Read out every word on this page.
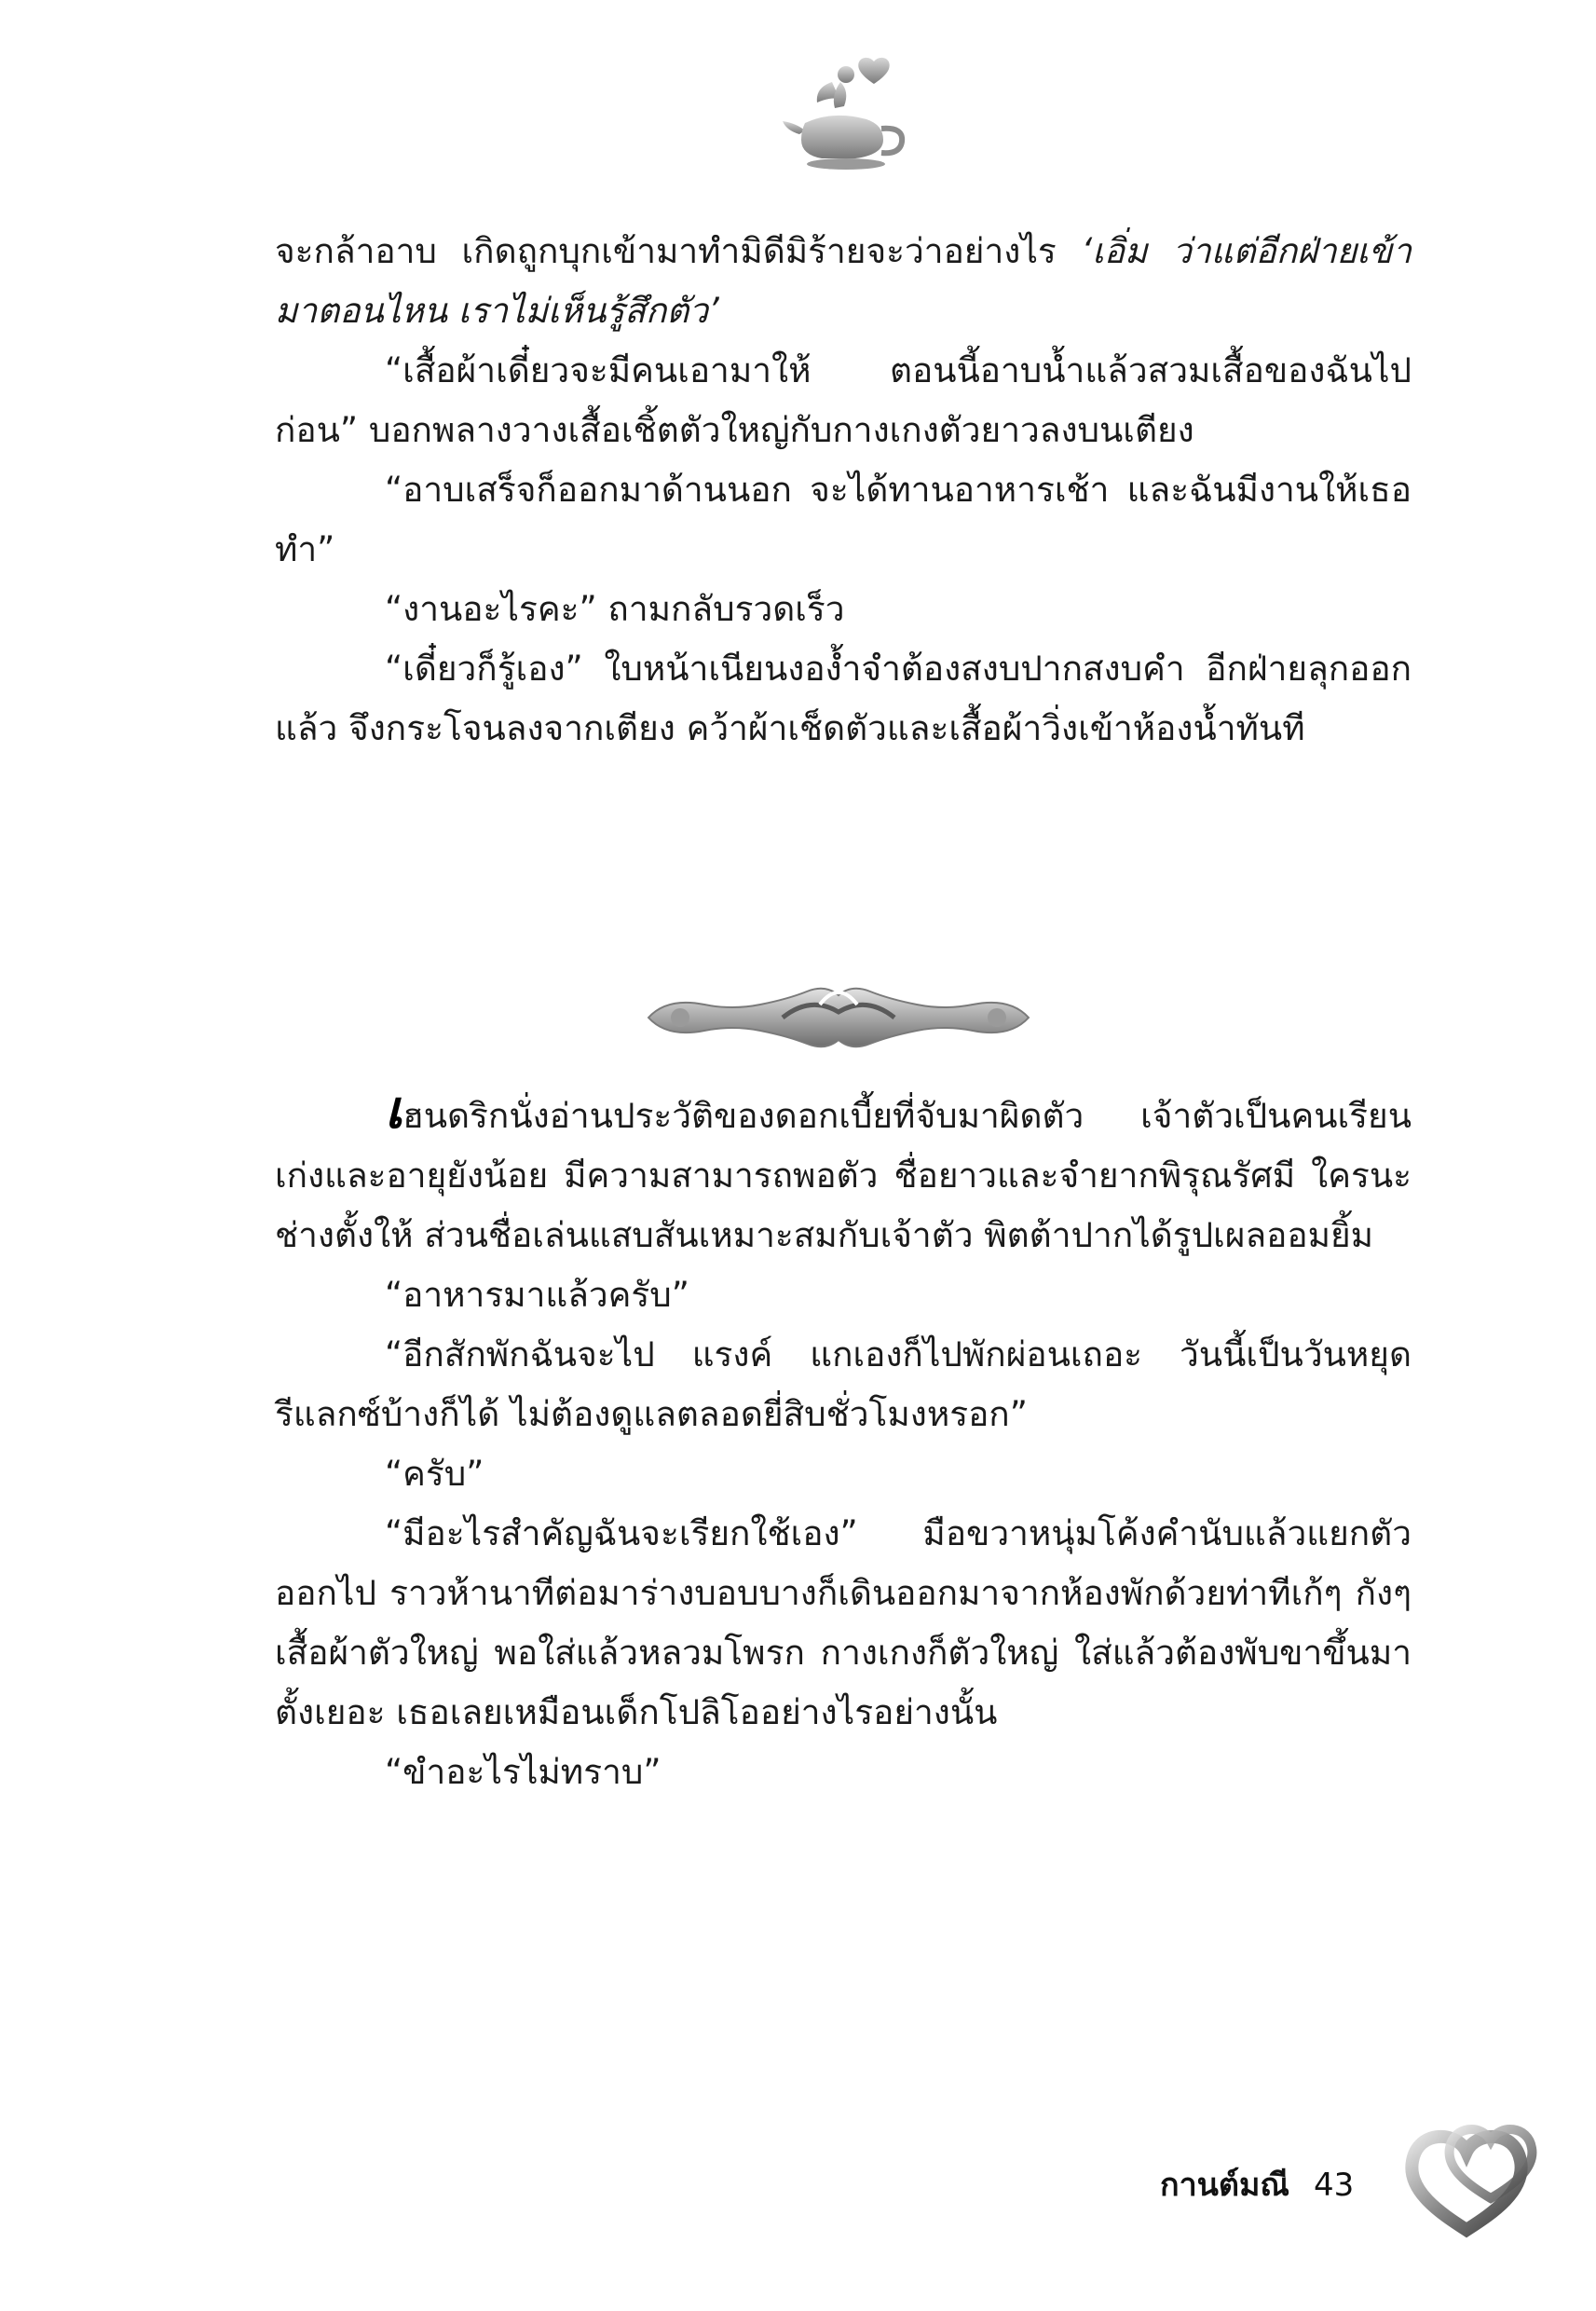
จะกล้าอาบ เกิดถูกบุกเข้ามาทำมิดีมิร้ายจะว่าอย่างไร ‘เอิ่ม ว่าแต่อีกฝ่ายเข้ามาตอนไหน เราไม่เห็นรู้สึกตัว’

“เสื้อผ้าเดี๋ยวจะมีคนเอามาให้ ตอนนี้อาบน้ำแล้วสวมเสื้อของฉันไปก่อน” บอกพลางวางเสื้อเชิ้ตตัวใหญ่กับกางเกงตัวยาวลงบนเตียง

“อาบเสร็จก็ออกมาด้านนอก จะได้ทานอาหารเช้า และฉันมีงานให้เธอทำ”

“งานอะไรคะ” ถามกลับรวดเร็ว

“เดี๋ยวก็รู้เอง” ใบหน้าเนียนงอง้ำจำต้องสงบปากสงบคำ อีกฝ่ายลุกออกแล้ว จึงกระโจนลงจากเตียง คว้าผ้าเช็ดตัวและเสื้อผ้าวิ่งเข้าห้องน้ำทันที

เฮนดริกนั่งอ่านประวัติของดอกเบี้ยที่จับมาผิดตัว เจ้าตัวเป็นคนเรียนเก่งและอายุยังน้อย มีความสามารถพอตัว ชื่อยาวและจำยากพิรุณรัศมี ใครนะช่างตั้งให้ ส่วนชื่อเล่นแสบสันเหมาะสมกับเจ้าตัว พิตต้าปากได้รูปเผลออมยิ้ม

“อาหารมาแล้วครับ”

“อีกสักพักฉันจะไป แรงค์ แกเองก็ไปพักผ่อนเถอะ วันนี้เป็นวันหยุด รีแลกซ์บ้างก็ได้ ไม่ต้องดูแลตลอดยี่สิบชั่วโมงหรอก”

“ครับ”

“มีอะไรสำคัญฉันจะเรียกใช้เอง” มือขวาหนุ่มโค้งคำนับแล้วแยกตัวออกไป ราวห้านาทีต่อมาร่างบอบบางก็เดินออกมาจากห้องพักด้วยท่าทีเก้ๆ กังๆ เสื้อผ้าตัวใหญ่ พอใส่แล้วหลวมโพรก กางเกงก็ตัวใหญ่ ใส่แล้วต้องพับขาขึ้นมาตั้งเยอะ เธอเลยเหมือนเด็กโปลิโออย่างไรอย่างนั้น

“ขำอะไรไม่ทราบ”

กานต์มณี 43
